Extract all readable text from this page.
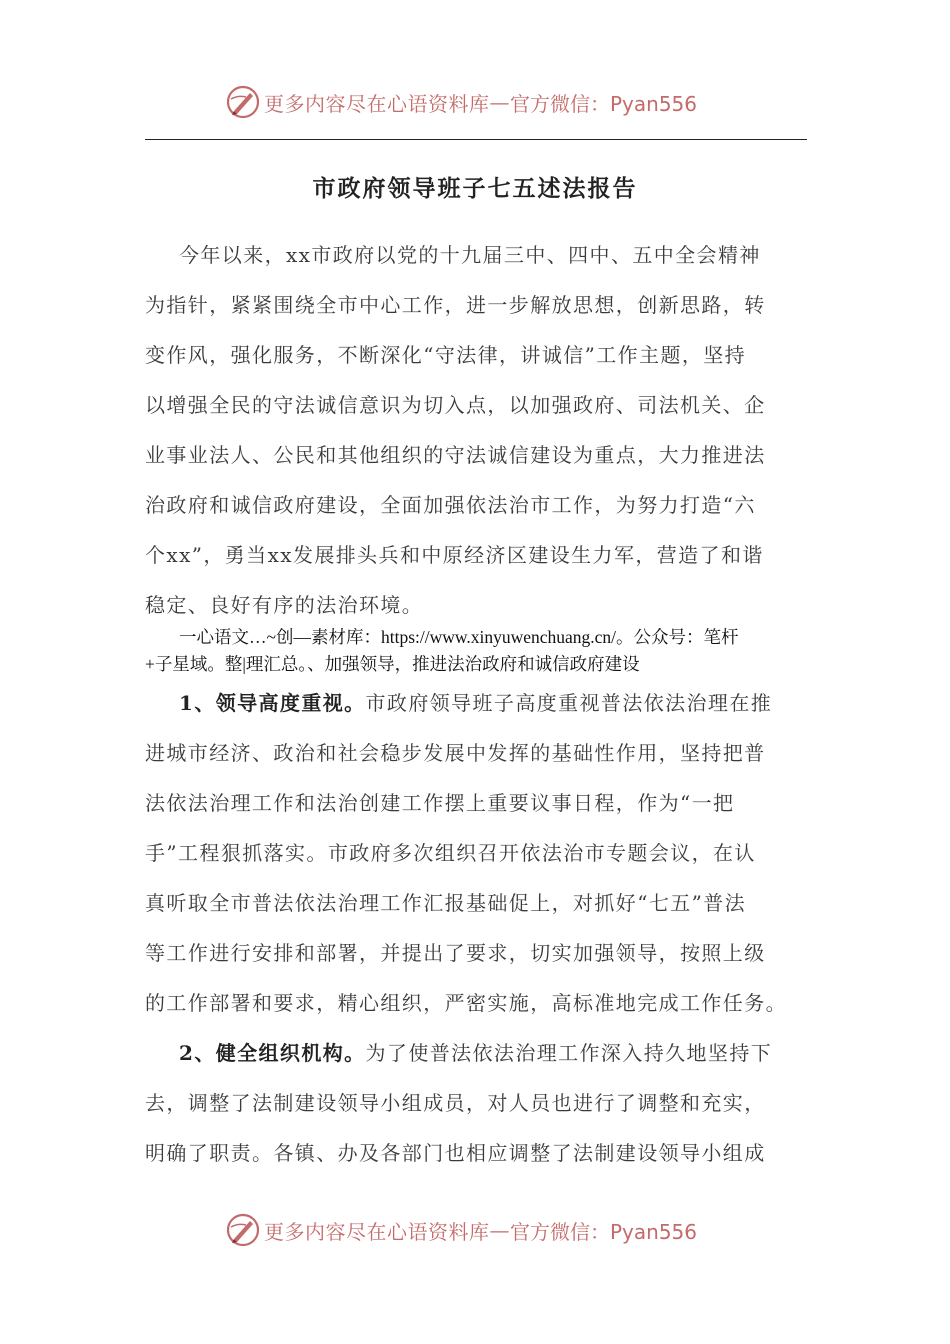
更多内容尽在心语资料库 — 官方微信：Pyan556
市政府领导班子七五述法报告
今年以来，xx市政府以党的十九届三中、四中、五中全会精神
为指针，紧紧围绕全市中心工作，进一步解放思想，创新思路，转
变作风，强化服务，不断深化“守法律，讲诚信”工作主题，坚持
以增强全民的守法诚信意识为切入点，以加强政府、司法机关、企
业事业法人、公民和其他组织的守法诚信建设为重点，大力推进法
治政府和诚信政府建设，全面加强依法治市工作，为努力打造“六
个xx”，勇当xx发展排头兵和中原经济区建设生力军，营造了和谐
稳定、良好有序的法治环境。
一心语文…~创—素材库：https://www.xinyuwenchuang.cn/。公众号：笔杆
+子星域。整|理汇总。、加强领导，推进法治政府和诚信政府建设
1、领导高度重视。市政府领导班子高度重视普法依法治理在推
进城市经济、政治和社会稳步发展中发挥的基础性作用，坚持把普
法依法治理工作和法治创建工作摆上重要议事日程，作为“一把
手”工程狠抓落实。市政府多次组织召开依法治市专题会议，在认
真听取全市普法依法治理工作汇报基础促上，对抓好“七五”普法
等工作进行安排和部署，并提出了要求，切实加强领导，按照上级
的工作部署和要求，精心组织，严密实施，高标准地完成工作任务。
2、健全组织机构。为了使普法依法治理工作深入持久地坚持下
去，调整了法制建设领导小组成员，对人员也进行了调整和充实，
明确了职责。各镇、办及各部门也相应调整了法制建设领导小组成
更多内容尽在心语资料库 — 官方微信：Pyan556
